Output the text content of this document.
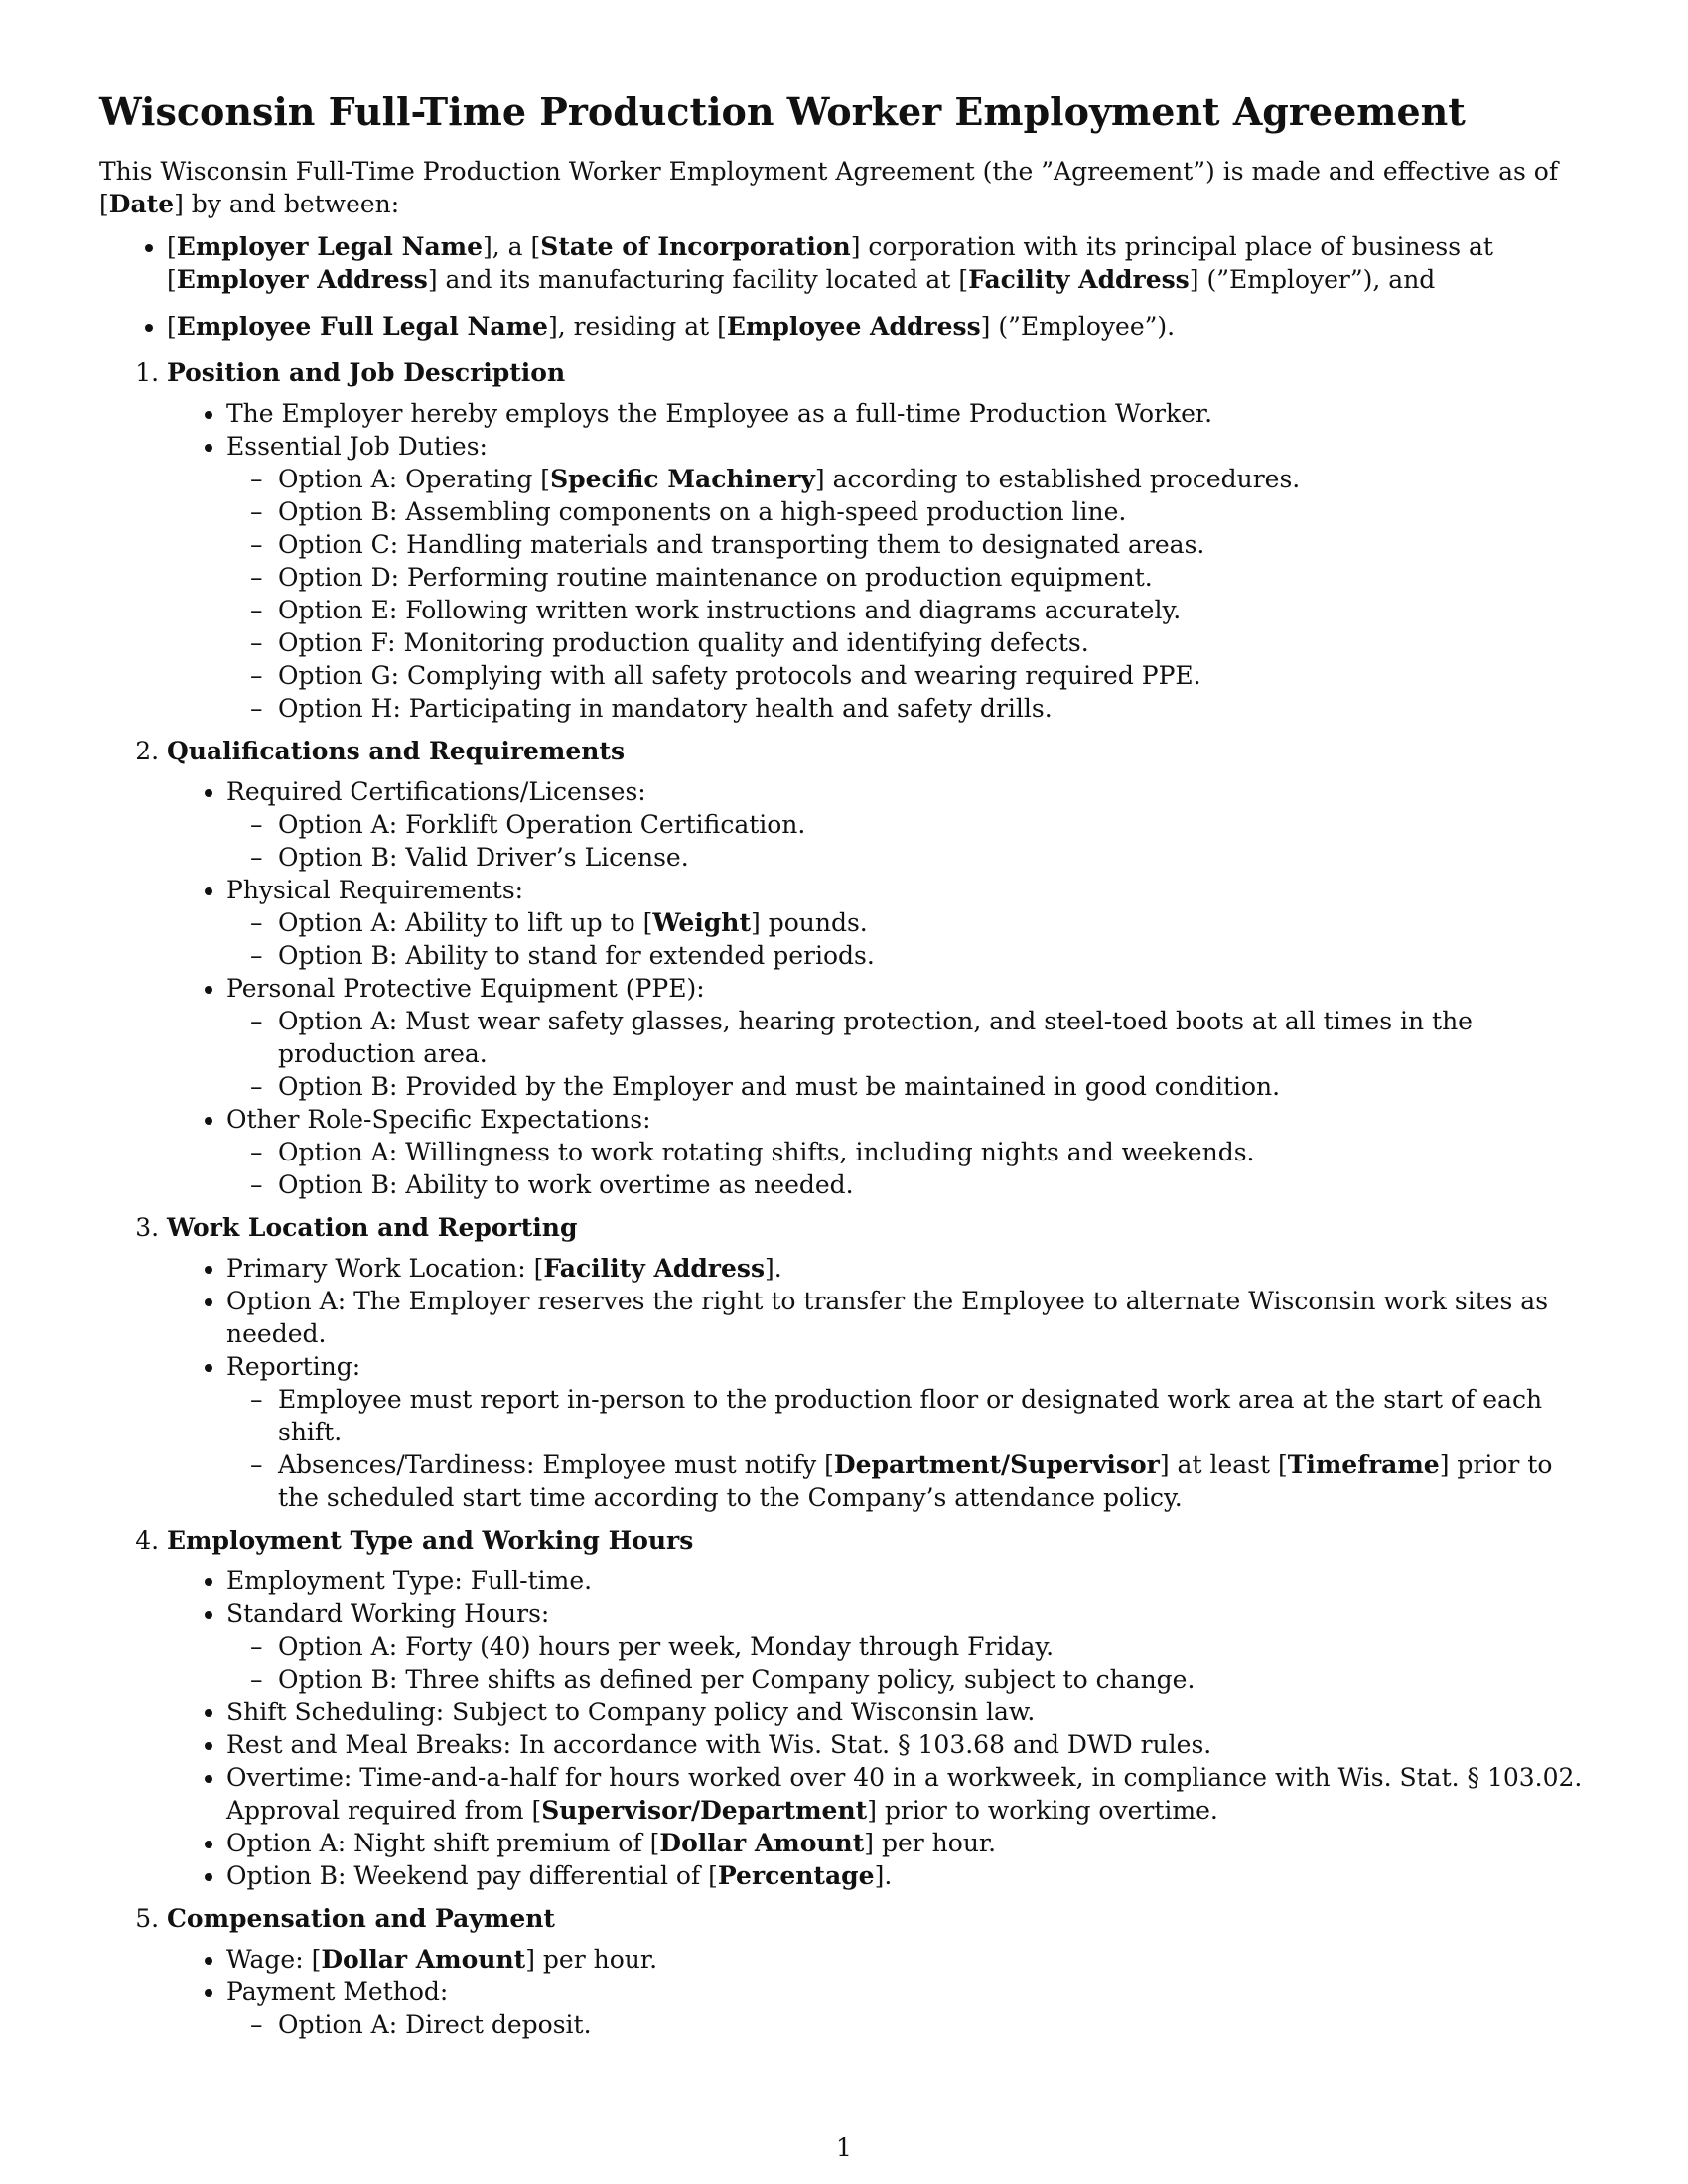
Wisconsin Full-Time Production Worker Employment Agreement

This Wisconsin Full-Time Production Worker Employment Agreement (the ”Agreement”) is made and effective as of [Date] by and between:

• [Employer Legal Name], a [State of Incorporation] corporation with its principal place of business at [Employer Address] and its manufacturing facility located at [Facility Address] (”Employer”), and
• [Employee Full Legal Name], residing at [Employee Address] (”Employee”).
1. Position and Job Description
• The Employer hereby employs the Employee as a full-time Production Worker.
• Essential Job Duties:
– Option A: Operating [Specific Machinery] according to established procedures.
– Option B: Assembling components on a high-speed production line.
– Option C: Handling materials and transporting them to designated areas.
– Option D: Performing routine maintenance on production equipment.
– Option E: Following written work instructions and diagrams accurately.
– Option F: Monitoring production quality and identifying defects.
– Option G: Complying with all safety protocols and wearing required PPE.
– Option H: Participating in mandatory health and safety drills.
2. Qualifications and Requirements
• Required Certifications/Licenses:
– Option A: Forklift Operation Certification.
– Option B: Valid Driver’s License.
• Physical Requirements:
– Option A: Ability to lift up to [Weight] pounds.
– Option B: Ability to stand for extended periods.
• Personal Protective Equipment (PPE):
– Option A: Must wear safety glasses, hearing protection, and steel-toed boots at all times in the production area.
– Option B: Provided by the Employer and must be maintained in good condition.
• Other Role-Specific Expectations:
– Option A: Willingness to work rotating shifts, including nights and weekends.
– Option B: Ability to work overtime as needed.
3. Work Location and Reporting
• Primary Work Location: [Facility Address].
• Option A: The Employer reserves the right to transfer the Employee to alternate Wisconsin work sites as needed.
• Reporting:
– Employee must report in-person to the production floor or designated work area at the start of each shift.
– Absences/Tardiness: Employee must notify [Department/Supervisor] at least [Timeframe] prior to the scheduled start time according to the Company’s attendance policy.
4. Employment Type and Working Hours
• Employment Type: Full-time.
• Standard Working Hours:
– Option A: Forty (40) hours per week, Monday through Friday.
– Option B: Three shifts as defined per Company policy, subject to change.
• Shift Scheduling: Subject to Company policy and Wisconsin law.
• Rest and Meal Breaks: In accordance with Wis. Stat. § 103.68 and DWD rules.
• Overtime: Time-and-a-half for hours worked over 40 in a workweek, in compliance with Wis. Stat. § 103.02. Approval required from [Supervisor/Department] prior to working overtime.
• Option A: Night shift premium of [Dollar Amount] per hour.
• Option B: Weekend pay differential of [Percentage].
5. Compensation and Payment
• Wage: [Dollar Amount] per hour.
• Payment Method:
– Option A: Direct deposit.
1
